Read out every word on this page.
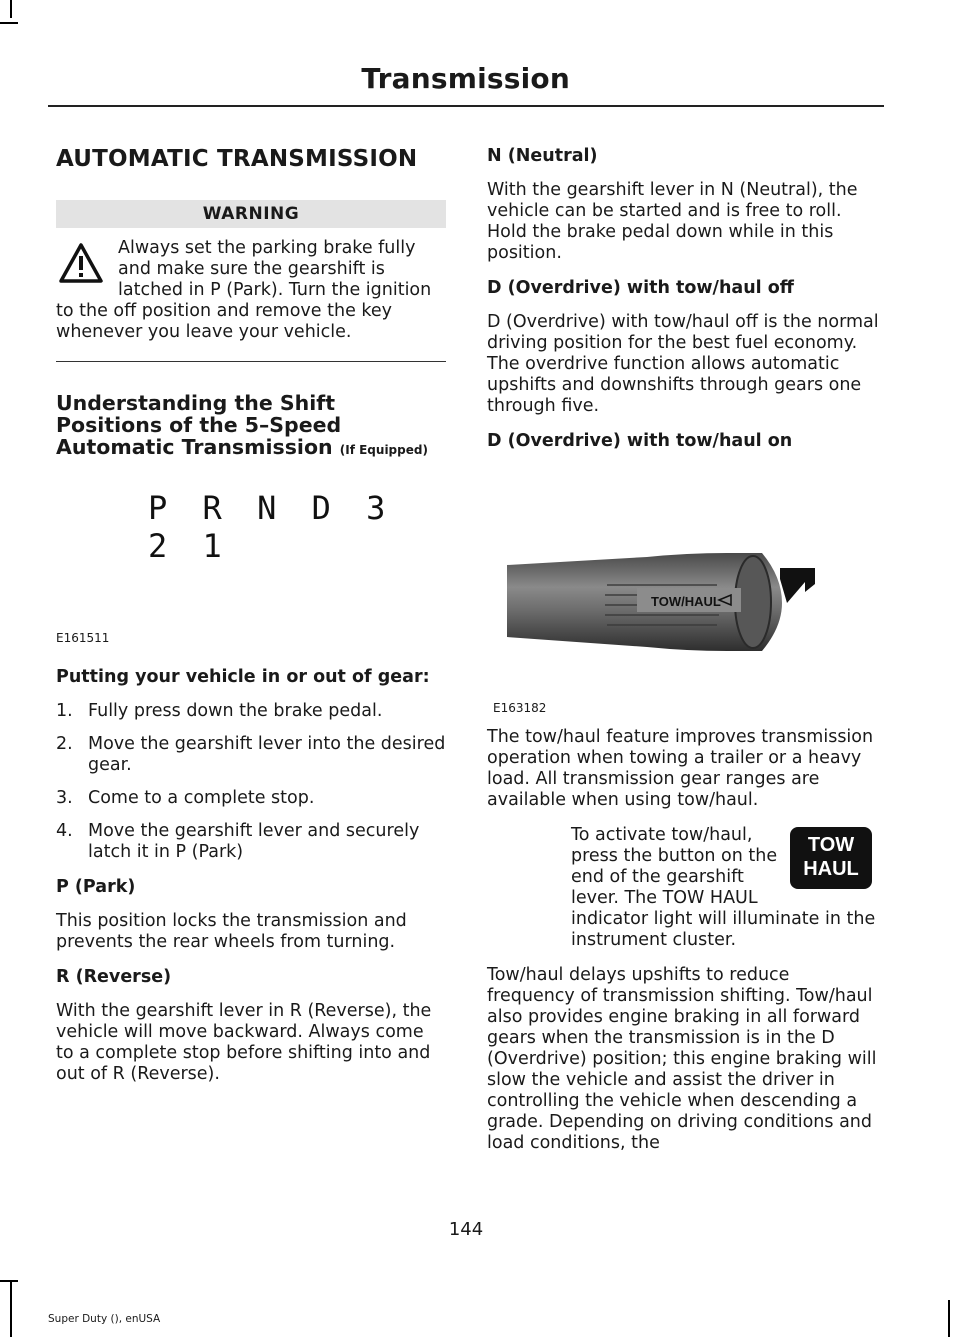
Transmission
AUTOMATIC TRANSMISSION
WARNING
Always set the parking brake fully and make sure the gearshift is latched in P (Park). Turn the ignition to the off position and remove the key whenever you leave your vehicle.
Understanding the Shift Positions of the 5–Speed Automatic Transmission (If Equipped)
P R N D 3 2 1
E161511
Putting your vehicle in or out of gear:
1. Fully press down the brake pedal.
2. Move the gearshift lever into the desired gear.
3. Come to a complete stop.
4. Move the gearshift lever and securely latch it in P (Park)
P (Park)

This position locks the transmission and prevents the rear wheels from turning.

R (Reverse)

With the gearshift lever in R (Reverse), the vehicle will move backward. Always come to a complete stop before shifting into and out of R (Reverse).

N (Neutral)

With the gearshift lever in N (Neutral), the vehicle can be started and is free to roll. Hold the brake pedal down while in this position.

D (Overdrive) with tow/haul off

D (Overdrive) with tow/haul off is the normal driving position for the best fuel economy. The overdrive function allows automatic upshifts and downshifts through gears one through five.

D (Overdrive) with tow/haul on
TOW/HAUL
E163182

The tow/haul feature improves transmission operation when towing a trailer or a heavy load. All transmission gear ranges are available when using tow/haul.

TOW
HAUL

To activate tow/haul, press the button on the end of the gearshift lever. The TOW HAUL indicator light will illuminate in the instrument cluster.

Tow/haul delays upshifts to reduce frequency of transmission shifting. Tow/haul also provides engine braking in all forward gears when the transmission is in the D (Overdrive) position; this engine braking will slow the vehicle and assist the driver in controlling the vehicle when descending a grade. Depending on driving conditions and load conditions, the

144
Super Duty (), enUSA
